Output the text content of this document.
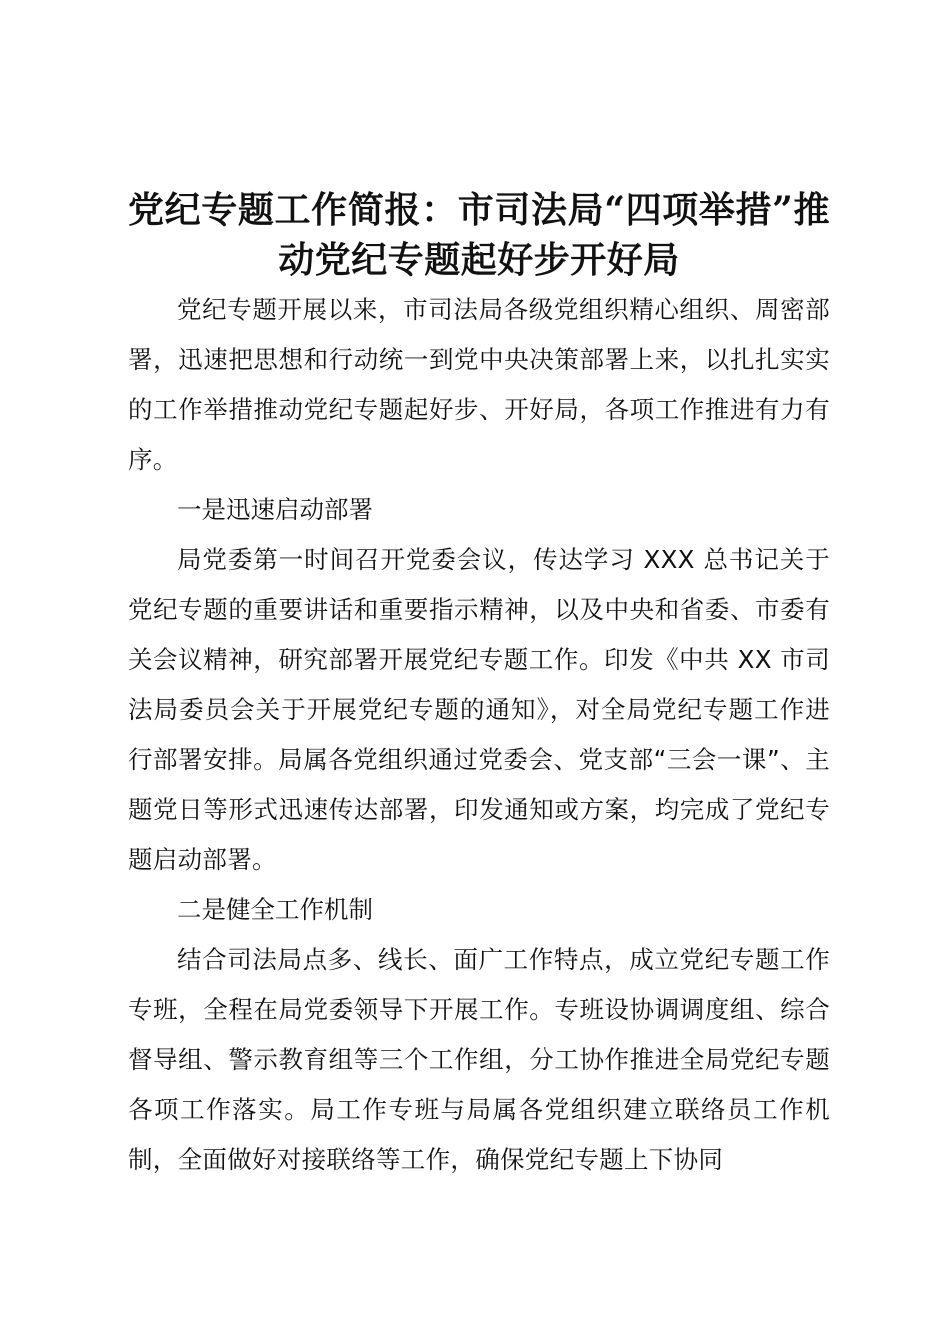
党纪专题工作简报：市司法局“四项举措”推动党纪专题起好步开好局

党纪专题开展以来，市司法局各级党组织精心组织、周密部署，迅速把思想和行动统一到党中央决策部署上来，以扎扎实实的工作举措推动党纪专题起好步、开好局，各项工作推进有力有序。

一是迅速启动部署

局党委第一时间召开党委会议，传达学习 XXX 总书记关于党纪专题的重要讲话和重要指示精神，以及中央和省委、市委有关会议精神，研究部署开展党纪专题工作。印发《中共 XX 市司法局委员会关于开展党纪专题的通知》，对全局党纪专题工作进行部署安排。局属各党组织通过党委会、党支部“三会一课”、主题党日等形式迅速传达部署，印发通知或方案，均完成了党纪专题启动部署。

二是健全工作机制

结合司法局点多、线长、面广工作特点，成立党纪专题工作专班，全程在局党委领导下开展工作。专班设协调调度组、综合督导组、警示教育组等三个工作组，分工协作推进全局党纪专题各项工作落实。局工作专班与局属各党组织建立联络员工作机制，全面做好对接联络等工作，确保党纪专题上下协同
